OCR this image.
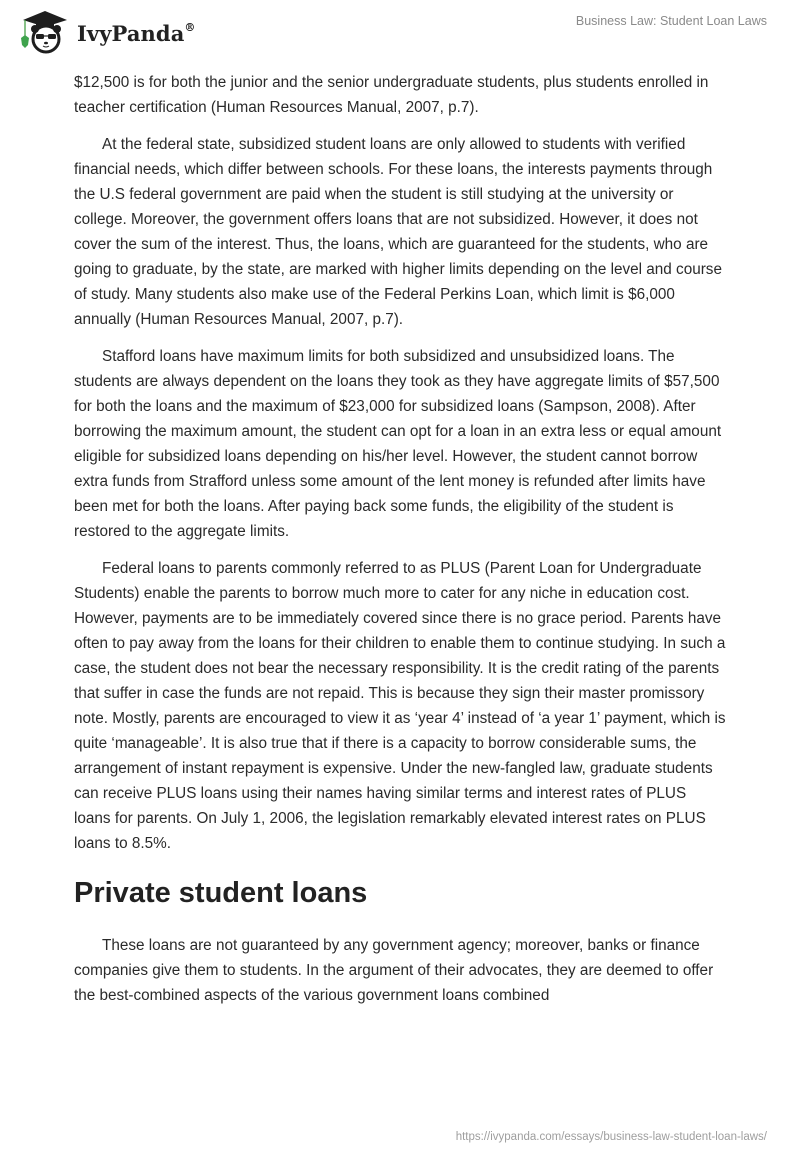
IvyPanda®	Business Law: Student Loan Laws

$12,500 is for both the junior and the senior undergraduate students, plus students enrolled in teacher certification (Human Resources Manual, 2007, p.7).

At the federal state, subsidized student loans are only allowed to students with verified financial needs, which differ between schools. For these loans, the interests payments through the U.S federal government are paid when the student is still studying at the university or college. Moreover, the government offers loans that are not subsidized. However, it does not cover the sum of the interest. Thus, the loans, which are guaranteed for the students, who are going to graduate, by the state, are marked with higher limits depending on the level and course of study. Many students also make use of the Federal Perkins Loan, which limit is $6,000 annually (Human Resources Manual, 2007, p.7).

Stafford loans have maximum limits for both subsidized and unsubsidized loans. The students are always dependent on the loans they took as they have aggregate limits of $57,500 for both the loans and the maximum of $23,000 for subsidized loans (Sampson, 2008). After borrowing the maximum amount, the student can opt for a loan in an extra less or equal amount eligible for subsidized loans depending on his/her level. However, the student cannot borrow extra funds from Strafford unless some amount of the lent money is refunded after limits have been met for both the loans. After paying back some funds, the eligibility of the student is restored to the aggregate limits.

Federal loans to parents commonly referred to as PLUS (Parent Loan for Undergraduate Students) enable the parents to borrow much more to cater for any niche in education cost. However, payments are to be immediately covered since there is no grace period. Parents have often to pay away from the loans for their children to enable them to continue studying. In such a case, the student does not bear the necessary responsibility. It is the credit rating of the parents that suffer in case the funds are not repaid. This is because they sign their master promissory note. Mostly, parents are encouraged to view it as ‘year 4’ instead of ‘a year 1’ payment, which is quite ‘manageable’. It is also true that if there is a capacity to borrow considerable sums, the arrangement of instant repayment is expensive. Under the new-fangled law, graduate students can receive PLUS loans using their names having similar terms and interest rates of PLUS loans for parents. On July 1, 2006, the legislation remarkably elevated interest rates on PLUS loans to 8.5%.

Private student loans

These loans are not guaranteed by any government agency; moreover, banks or finance companies give them to students. In the argument of their advocates, they are deemed to offer the best-combined aspects of the various government loans combined

https://ivypanda.com/essays/business-law-student-loan-laws/
